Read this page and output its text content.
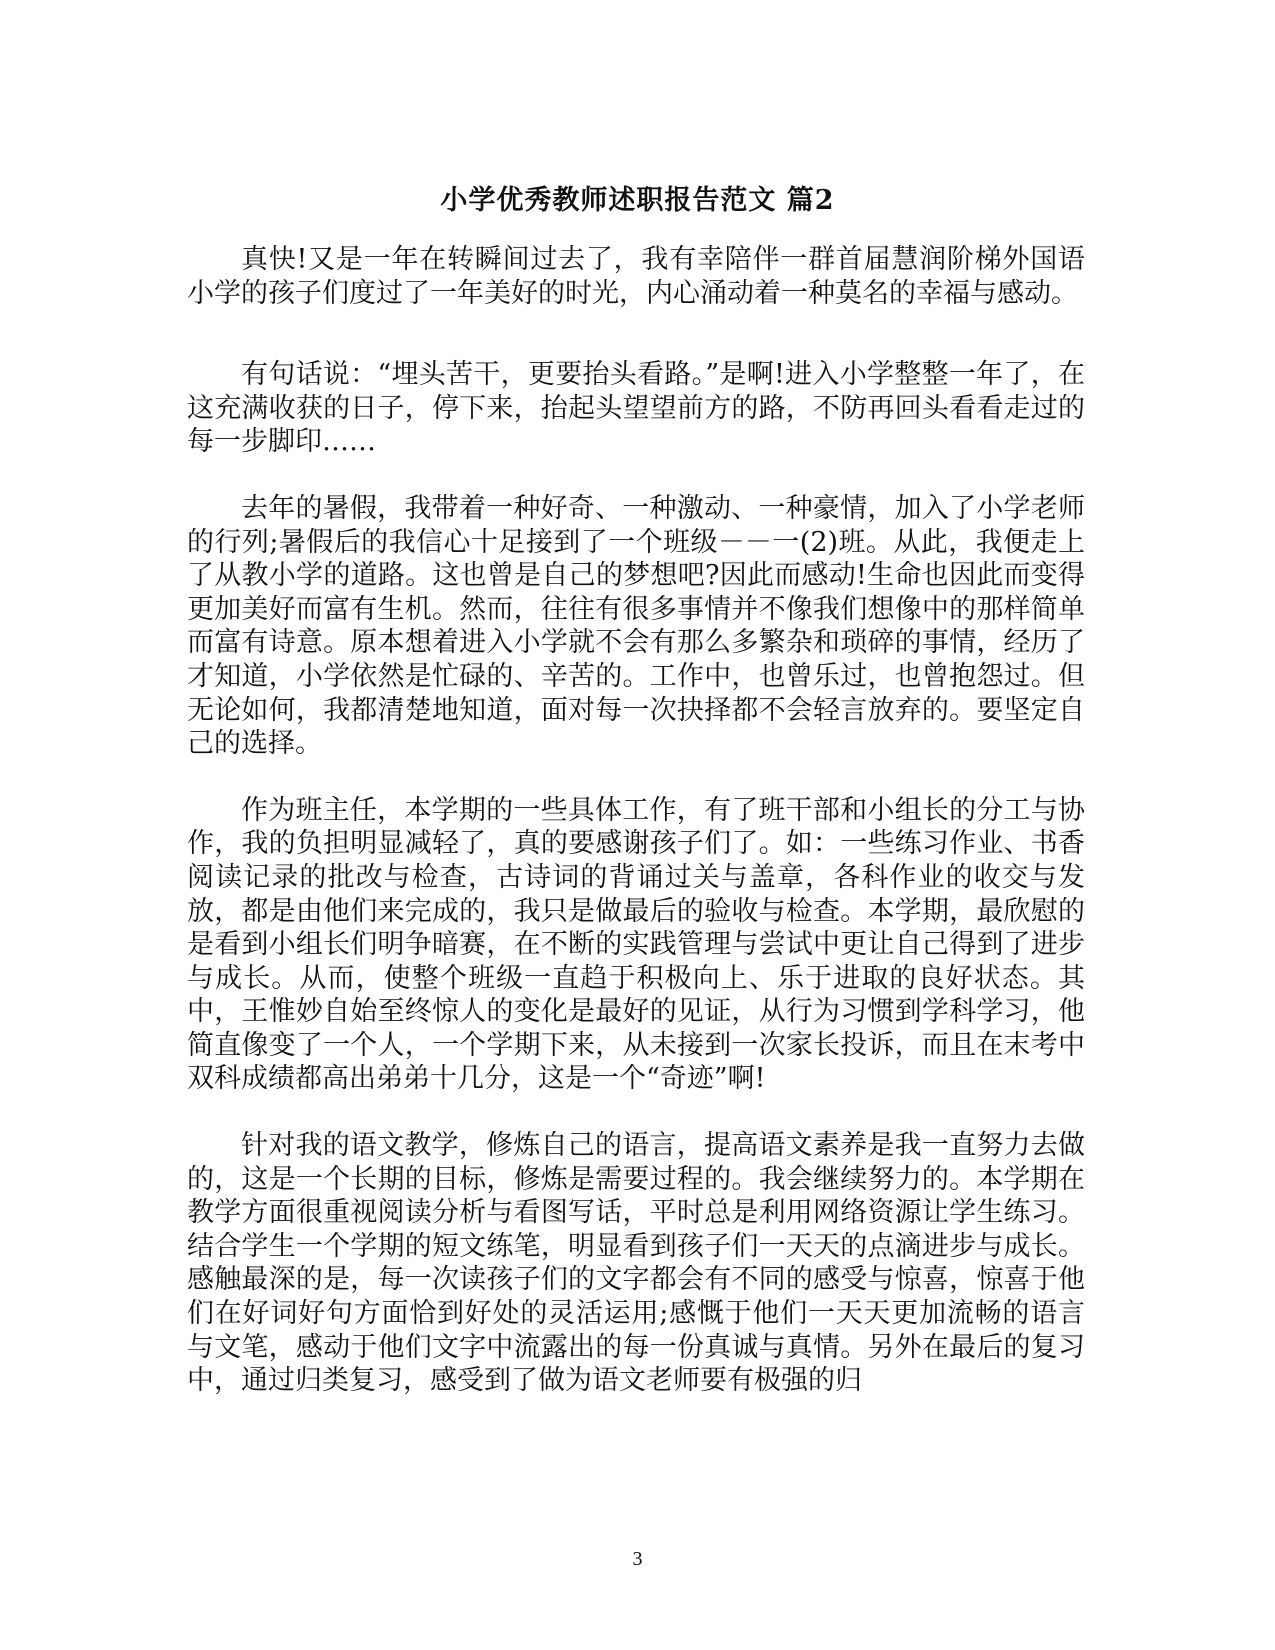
小学优秀教师述职报告范文 篇2

真快!又是一年在转瞬间过去了，我有幸陪伴一群首届慧润阶梯外国语小学的孩子们度过了一年美好的时光，内心涌动着一种莫名的幸福与感动。

有句话说：“埋头苦干，更要抬头看路。”是啊!进入小学整整一年了，在这充满收获的日子，停下来，抬起头望望前方的路，不防再回头看看走过的每一步脚印……

去年的暑假，我带着一种好奇、一种激动、一种豪情，加入了小学老师的行列;暑假后的我信心十足接到了一个班级－－一(2)班。从此，我便走上了从教小学的道路。这也曾是自己的梦想吧?因此而感动!生命也因此而变得更加美好而富有生机。然而，往往有很多事情并不像我们想像中的那样简单而富有诗意。原本想着进入小学就不会有那么多繁杂和琐碎的事情，经历了才知道，小学依然是忙碌的、辛苦的。工作中，也曾乐过，也曾抱怨过。但无论如何，我都清楚地知道，面对每一次抉择都不会轻言放弃的。要坚定自己的选择。

作为班主任，本学期的一些具体工作，有了班干部和小组长的分工与协作，我的负担明显减轻了，真的要感谢孩子们了。如：一些练习作业、书香阅读记录的批改与检查，古诗词的背诵过关与盖章，各科作业的收交与发放，都是由他们来完成的，我只是做最后的验收与检查。本学期，最欣慰的是看到小组长们明争暗赛，在不断的实践管理与尝试中更让自己得到了进步与成长。从而，使整个班级一直趋于积极向上、乐于进取的良好状态。其中，王惟妙自始至终惊人的变化是最好的见证，从行为习惯到学科学习，他简直像变了一个人，一个学期下来，从未接到一次家长投诉，而且在末考中双科成绩都高出弟弟十几分，这是一个“奇迹”啊!

针对我的语文教学，修炼自己的语言，提高语文素养是我一直努力去做的，这是一个长期的目标，修炼是需要过程的。我会继续努力的。本学期在教学方面很重视阅读分析与看图写话，平时总是利用网络资源让学生练习。结合学生一个学期的短文练笔，明显看到孩子们一天天的点滴进步与成长。感触最深的是，每一次读孩子们的文字都会有不同的感受与惊喜，惊喜于他们在好词好句方面恰到好处的灵活运用;感慨于他们一天天更加流畅的语言与文笔，感动于他们文字中流露出的每一份真诚与真情。另外在最后的复习中，通过归类复习，感受到了做为语文老师要有极强的归

3
